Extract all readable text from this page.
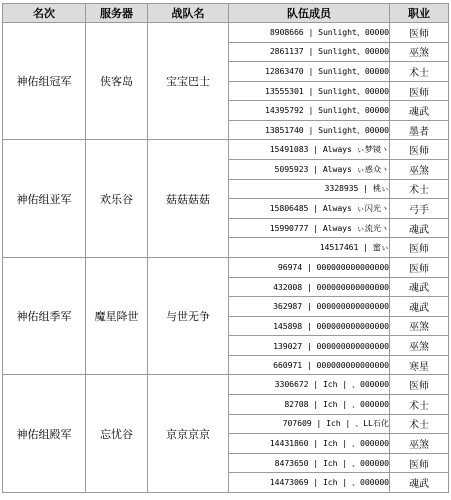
名次	服务器	战队名	队伍成员	职业
神佑组冠军	侠客岛	宝宝巴士	8908666 | Sunlight、00000	医师
			2861137 | Sunlight、00000	巫煞
			12863470 | Sunlight、00000	术士
			13555301 | Sunlight、00000	医师
			14395792 | Sunlight、00000	魂武
			13851740 | Sunlight、00000	墨者
神佑组亚军	欢乐谷	菇菇菇菇	15491083 | Always ぃ梦镜ヽ	医师
			5095923 | Always ぃ惑众ヽ	巫煞
			3328935 | 桃ぃ	术士
			15806485 | Always ぃ闪光ヽ	弓手
			15990777 | Always ぃ流光ヽ	魂武
			14517461 | 蜜ぃ	医师
神佑组季军	魔星降世	与世无争	96974 | 000000000000000	医师
			432008 | 000000000000000	魂武
			362987 | 000000000000000	魂武
			145898 | 000000000000000	巫煞
			139027 | 000000000000000	巫煞
			660971 | 000000000000000	寒星
神佑组殿军	忘忧谷	京京京京	3306672 | Ich | 、000000	医师
			82708 | Ich | 、000000	术士
			707609 | Ich | 、LL石化	术士
			14431860 | Ich | 、000000	巫煞
			8473650 | Ich | 、000000	医师
			14473069 | Ich | 、000000	魂武
